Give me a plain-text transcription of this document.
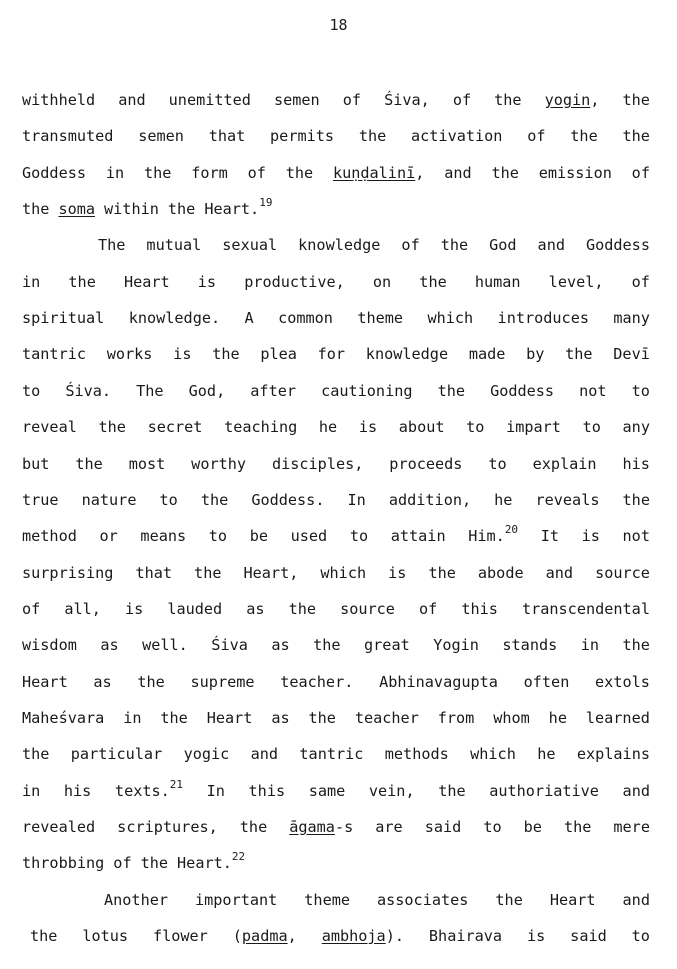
18
withheld and unemitted semen of Śiva, of the yogin, the
transmuted semen that permits the activation of the the
Goddess in the form of the kuṇḍalinī, and the emission of
the soma within the Heart.$^{19}$
The mutual sexual knowledge of the God and Goddess
in the Heart is productive, on the human level, of
spiritual knowledge. A common theme which introduces many
tantric works is the plea for knowledge made by the Devī
to Śiva. The God, after cautioning the Goddess not to
reveal the secret teaching he is about to impart to any
but the most worthy disciples, proceeds to explain his
true nature to the Goddess. In addition, he reveals the
method or means to be used to attain Him.$^{20}$ It is not
surprising that the Heart, which is the abode and source
of all, is lauded as the source of this transcendental
wisdom as well. Śiva as the great Yogin stands in the
Heart as the supreme teacher. Abhinavagupta often extols
Maheśvara in the Heart as the teacher from whom he learned
the particular yogic and tantric methods which he explains
in his texts.$^{21}$ In this same vein, the authoriative and
revealed scriptures, the āgama-s are said to be the mere
throbbing of the Heart.$^{22}$
Another important theme associates the Heart and
the lotus flower (padma, ambhoja). Bhairava is said to
